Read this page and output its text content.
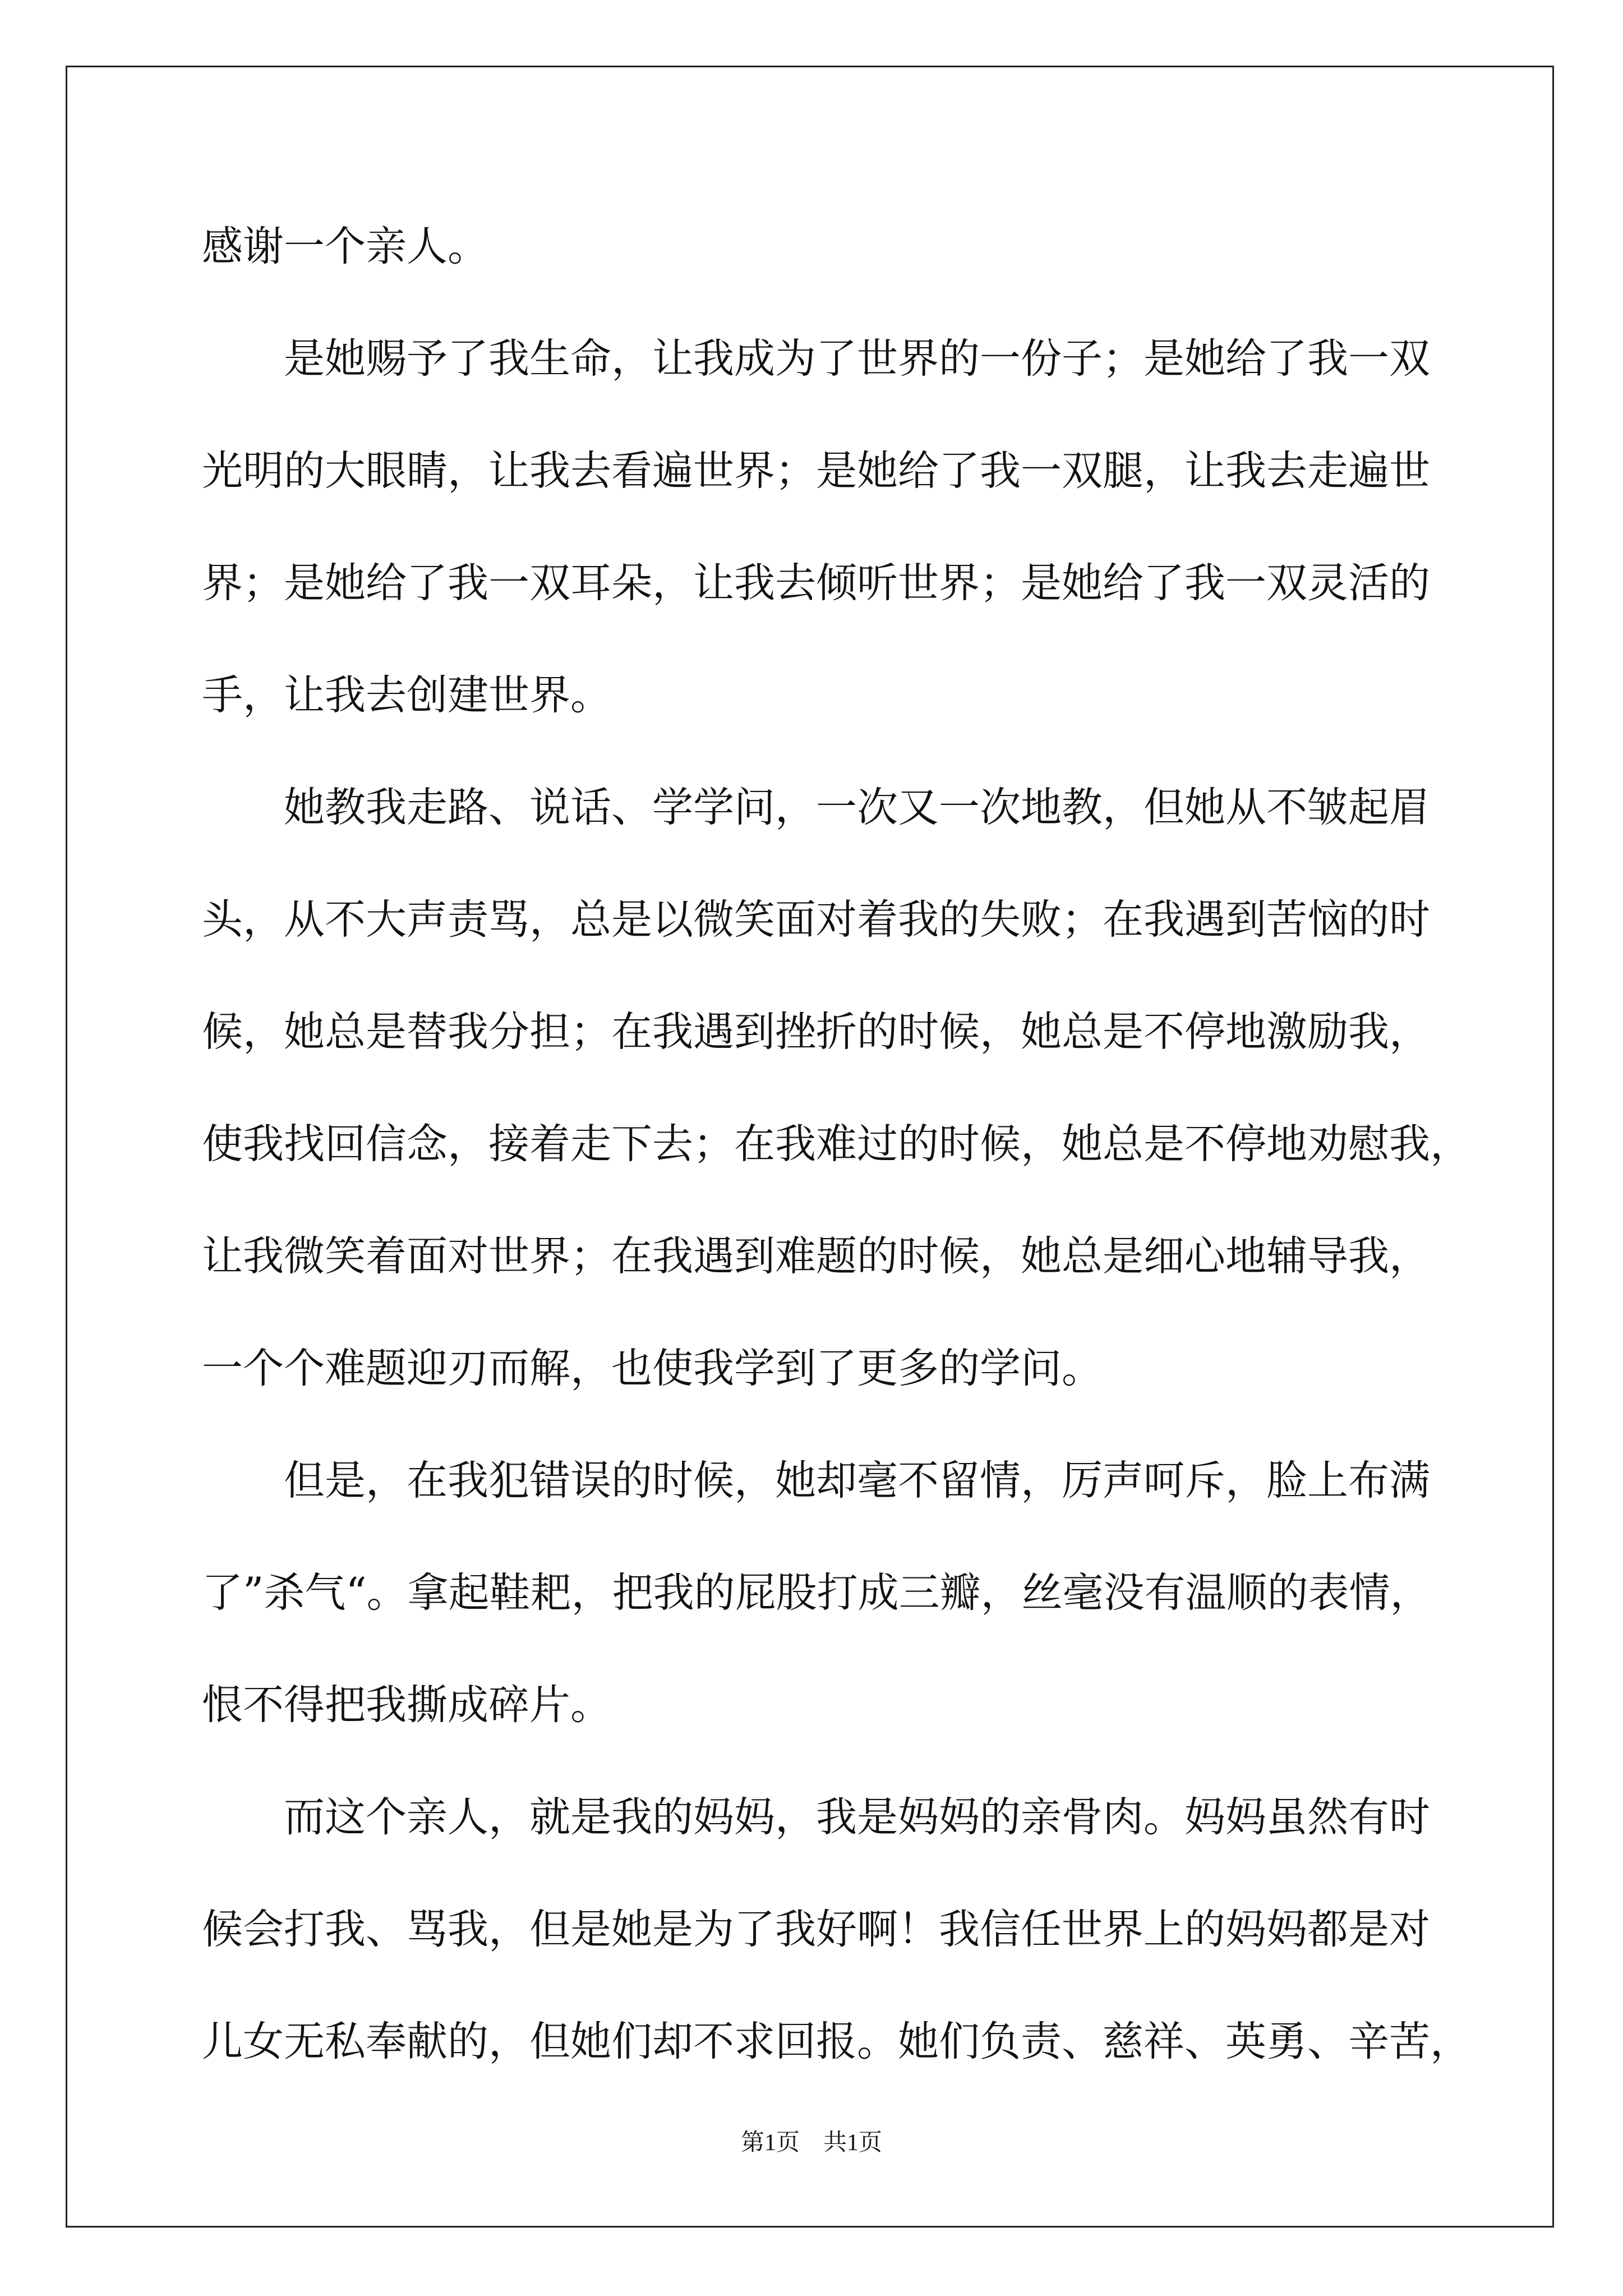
感谢一个亲人。
是她赐予了我生命，让我成为了世界的一份子；是她给了我一双
光明的大眼睛，让我去看遍世界；是她给了我一双腿，让我去走遍世
界；是她给了我一双耳朵，让我去倾听世界；是她给了我一双灵活的
手，让我去创建世界。
她教我走路、说话、学学问，一次又一次地教，但她从不皱起眉
头，从不大声责骂，总是以微笑面对着我的失败；在我遇到苦恼的时
候，她总是替我分担；在我遇到挫折的时候，她总是不停地激励我，
使我找回信念，接着走下去；在我难过的时候，她总是不停地劝慰我，
让我微笑着面对世界；在我遇到难题的时候，她总是细心地辅导我，
一个个难题迎刃而解，也使我学到了更多的学问。
但是，在我犯错误的时候，她却毫不留情，厉声呵斥，脸上布满
了”杀气“。拿起鞋耙，把我的屁股打成三瓣，丝毫没有温顺的表情，
恨不得把我撕成碎片。
而这个亲人，就是我的妈妈，我是妈妈的亲骨肉。妈妈虽然有时
候会打我、骂我，但是她是为了我好啊！我信任世界上的妈妈都是对
儿女无私奉献的，但她们却不求回报。她们负责、慈祥、英勇、辛苦，
第1页　共1页
